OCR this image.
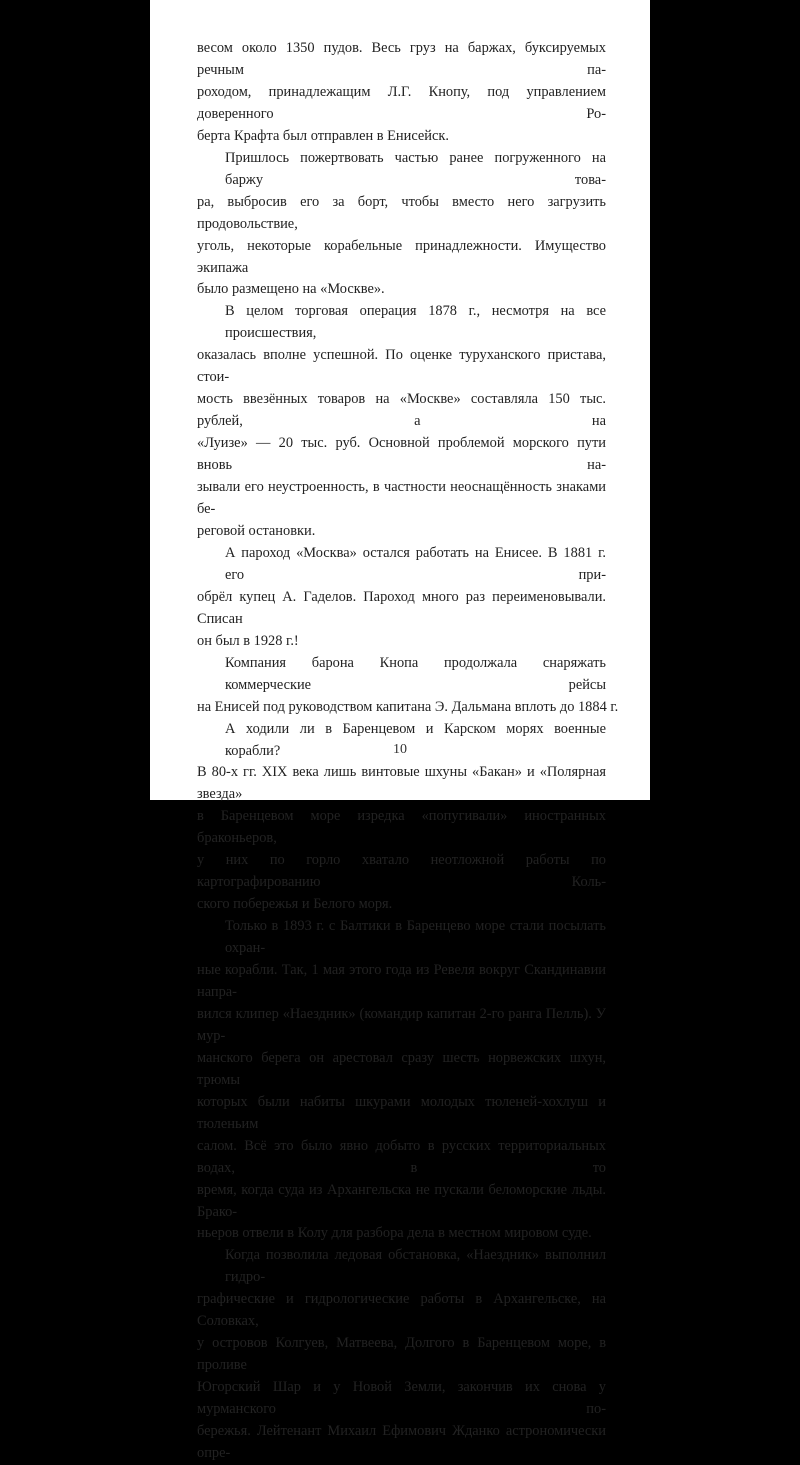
весом около 1350 пудов. Весь груз на баржах, буксируемых речным па-
роходом, принадлежащим Л.Г. Кнопу, под управлением доверенного Ро-
берта Крафта был отправлен в Енисейск.
Пришлось пожертвовать частью ранее погруженного на баржу това-
ра, выбросив его за борт, чтобы вместо него загрузить продовольствие,
уголь, некоторые корабельные принадлежности. Имущество экипажа
было размещено на «Москве».
В целом торговая операция 1878 г., несмотря на все происшествия,
оказалась вполне успешной. По оценке туруханского пристава, стои-
мость ввезённых товаров на «Москве» составляла 150 тыс. рублей, а на
«Луизе» — 20 тыс. руб. Основной проблемой морского пути вновь на-
зывали его неустроенность, в частности неоснащённость знаками бе-
реговой остановки.
А пароход «Москва» остался работать на Енисее. В 1881 г. его при-
обрёл купец А. Гаделов. Пароход много раз переименовывали. Списан
он был в 1928 г.!
Компания барона Кнопа продолжала снаряжать коммерческие рейсы
на Енисей под руководством капитана Э. Дальмана вплоть до 1884 г.
А ходили ли в Баренцевом и Карском морях военные корабли?
В 80-х гг. XIX века лишь винтовые шхуны «Бакан» и «Полярная звезда»
в Баренцевом море изредка «попугивали» иностранных браконьеров,
у них по горло хватало неотложной работы по картографированию Коль-
ского побережья и Белого моря.
Только в 1893 г. с Балтики в Баренцево море стали посылать охран-
ные корабли. Так, 1 мая этого года из Ревеля вокруг Скандинавии напра-
вился клипер «Наездник» (командир капитан 2-го ранга Пелль). У мур-
манского берега он арестовал сразу шесть норвежских шхун, трюмы
которых были набиты шкурами молодых тюленей-хохлуш и тюленьим
салом. Всё это было явно добыто в русских территориальных водах, в то
время, когда суда из Архангельска не пускали беломорские льды. Брако-
ньеров отвели в Колу для разбора дела в местном мировом суде.
Когда позволила ледовая обстановка, «Наездник» выполнил гидро-
графические и гидрологические работы в Архангельске, на Соловках,
у островов Колгуев, Матвеева, Долгого в Баренцевом море, в проливе
Югорский Шар и у Новой Земли, закончив их снова у мурманского по-
бережья. Лейтенант Михаил Ефимович Жданко астрономически опре-
10
